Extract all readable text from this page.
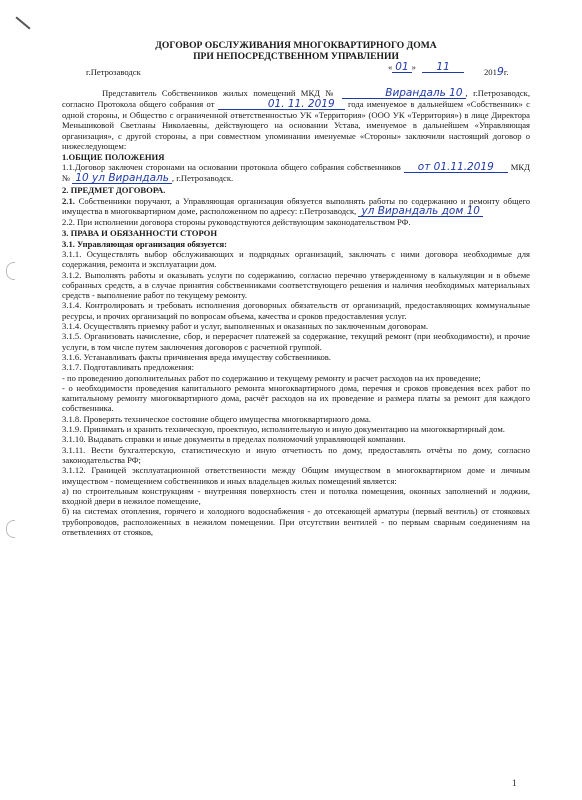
ДОГОВОР ОБСЛУЖИВАНИЯ МНОГОКВАРТИРНОГО ДОМА
ПРИ НЕПОСРЕДСТВЕННОМ УПРАВЛЕНИИ
г.Петрозаводск	« 01 » 11	2019г.

Представитель Собственников жилых помещений МКД №	Вирандаль 10 , г.Петрозаводск, согласно Протокола общего собрания от	01. 11. 2019 года именуемое в дальнейшем «Собственник» с одной стороны, и Общество с ограниченной ответственностью УК «Территория» (ООО УК «Территория») в лице Директора Меньшиковой Светланы Николаевны, действующего на основании Устава, именуемое в дальнейшем «Управляющая организация», с другой стороны, а при совместном упоминании именуемые «Стороны» заключили настоящий договор о нижеследующем:

1.ОБЩИЕ ПОЛОЖЕНИЯ

1.1.Договор заключен сторонами на основании протокола общего собрания собственников от 01.11.2019 МКД № 10 ул Вирандаль , г.Петрозаводск.

2. ПРЕДМЕТ ДОГОВОРА.

2.1. Собственники поручают, а Управляющая организация обязуется выполнять работы по содержанию и ремонту общего имущества в многоквартирном доме, расположенном по адресу: г.Петрозаводск, ул Вирандаль дом 10

2.2. При исполнении договора стороны руководствуются действующим законодательством РФ.

3. ПРАВА И ОБЯЗАННОСТИ СТОРОН
3.1. Управляющая организация обязуется:

3.1.1. Осуществлять выбор обслуживающих и подрядных организаций, заключать с ними договора необходимые для содержания, ремонта и эксплуатации дом.

3.1.2. Выполнять работы и оказывать услуги по содержанию, согласно перечню утвержденному в калькуляции и в объеме собранных средств, а в случае принятия собственниками соответствующего решения и наличия необходимых материальных средств - выполнение работ по текущему ремонту.

3.1.4. Контролировать и требовать исполнения договорных обязательств от организаций, предоставляющих коммунальные ресурсы, и прочих организаций по вопросам объема, качества и сроков предоставления услуг.

3.1.4. Осуществлять приемку работ и услуг, выполненных и оказанных по заключенным договорам.

3.1.5. Организовать начисление, сбор, и перерасчет платежей за содержание, текущий ремонт (при необходимости), и прочие услуги, в том числе путем заключения договоров с расчетной группой.

3.1.6. Устанавливать факты причинения вреда имуществу собственников.

3.1.7. Подготавливать предложения:

- по проведению дополнительных работ по содержанию и текущему ремонту и расчет расходов на их проведение;

- о необходимости проведения капитального ремонта многоквартирного дома, перечня и сроков проведения всех работ по капитальному ремонту многоквартирного дома, расчёт расходов на их проведение и размера платы за ремонт для каждого собственника.

3.1.8. Проверять техническое состояние общего имущества многоквартирного дома.

3.1.9. Принимать и хранить техническую, проектную, исполнительную и иную документацию на многоквартирный дом.

3.1.10. Выдавать справки и иные документы в пределах полномочий управляющей компании.

3.1.11. Вести бухгалтерскую, статистическую и иную отчетность по дому, предоставлять отчёты по дому, согласно законодательства РФ;

3.1.12. Границей эксплуатационной ответственности между Общим имуществом в многоквартирном доме и личным имуществом - помещением собственников и иных владельцев жилых помещений является:

а) по строительным конструкциям - внутренняя поверхность стен и потолка помещения, оконных заполнений и лоджии, входной двери в нежилое помещение,

б) на системах отопления, горячего и холодного водоснабжения - до отсекающей арматуры (первый вентиль) от стояковых трубопроводов, расположенных в нежилом помещении. При отсутствии вентилей - по первым сварным соединениям на ответвлениях от стояков,

1
